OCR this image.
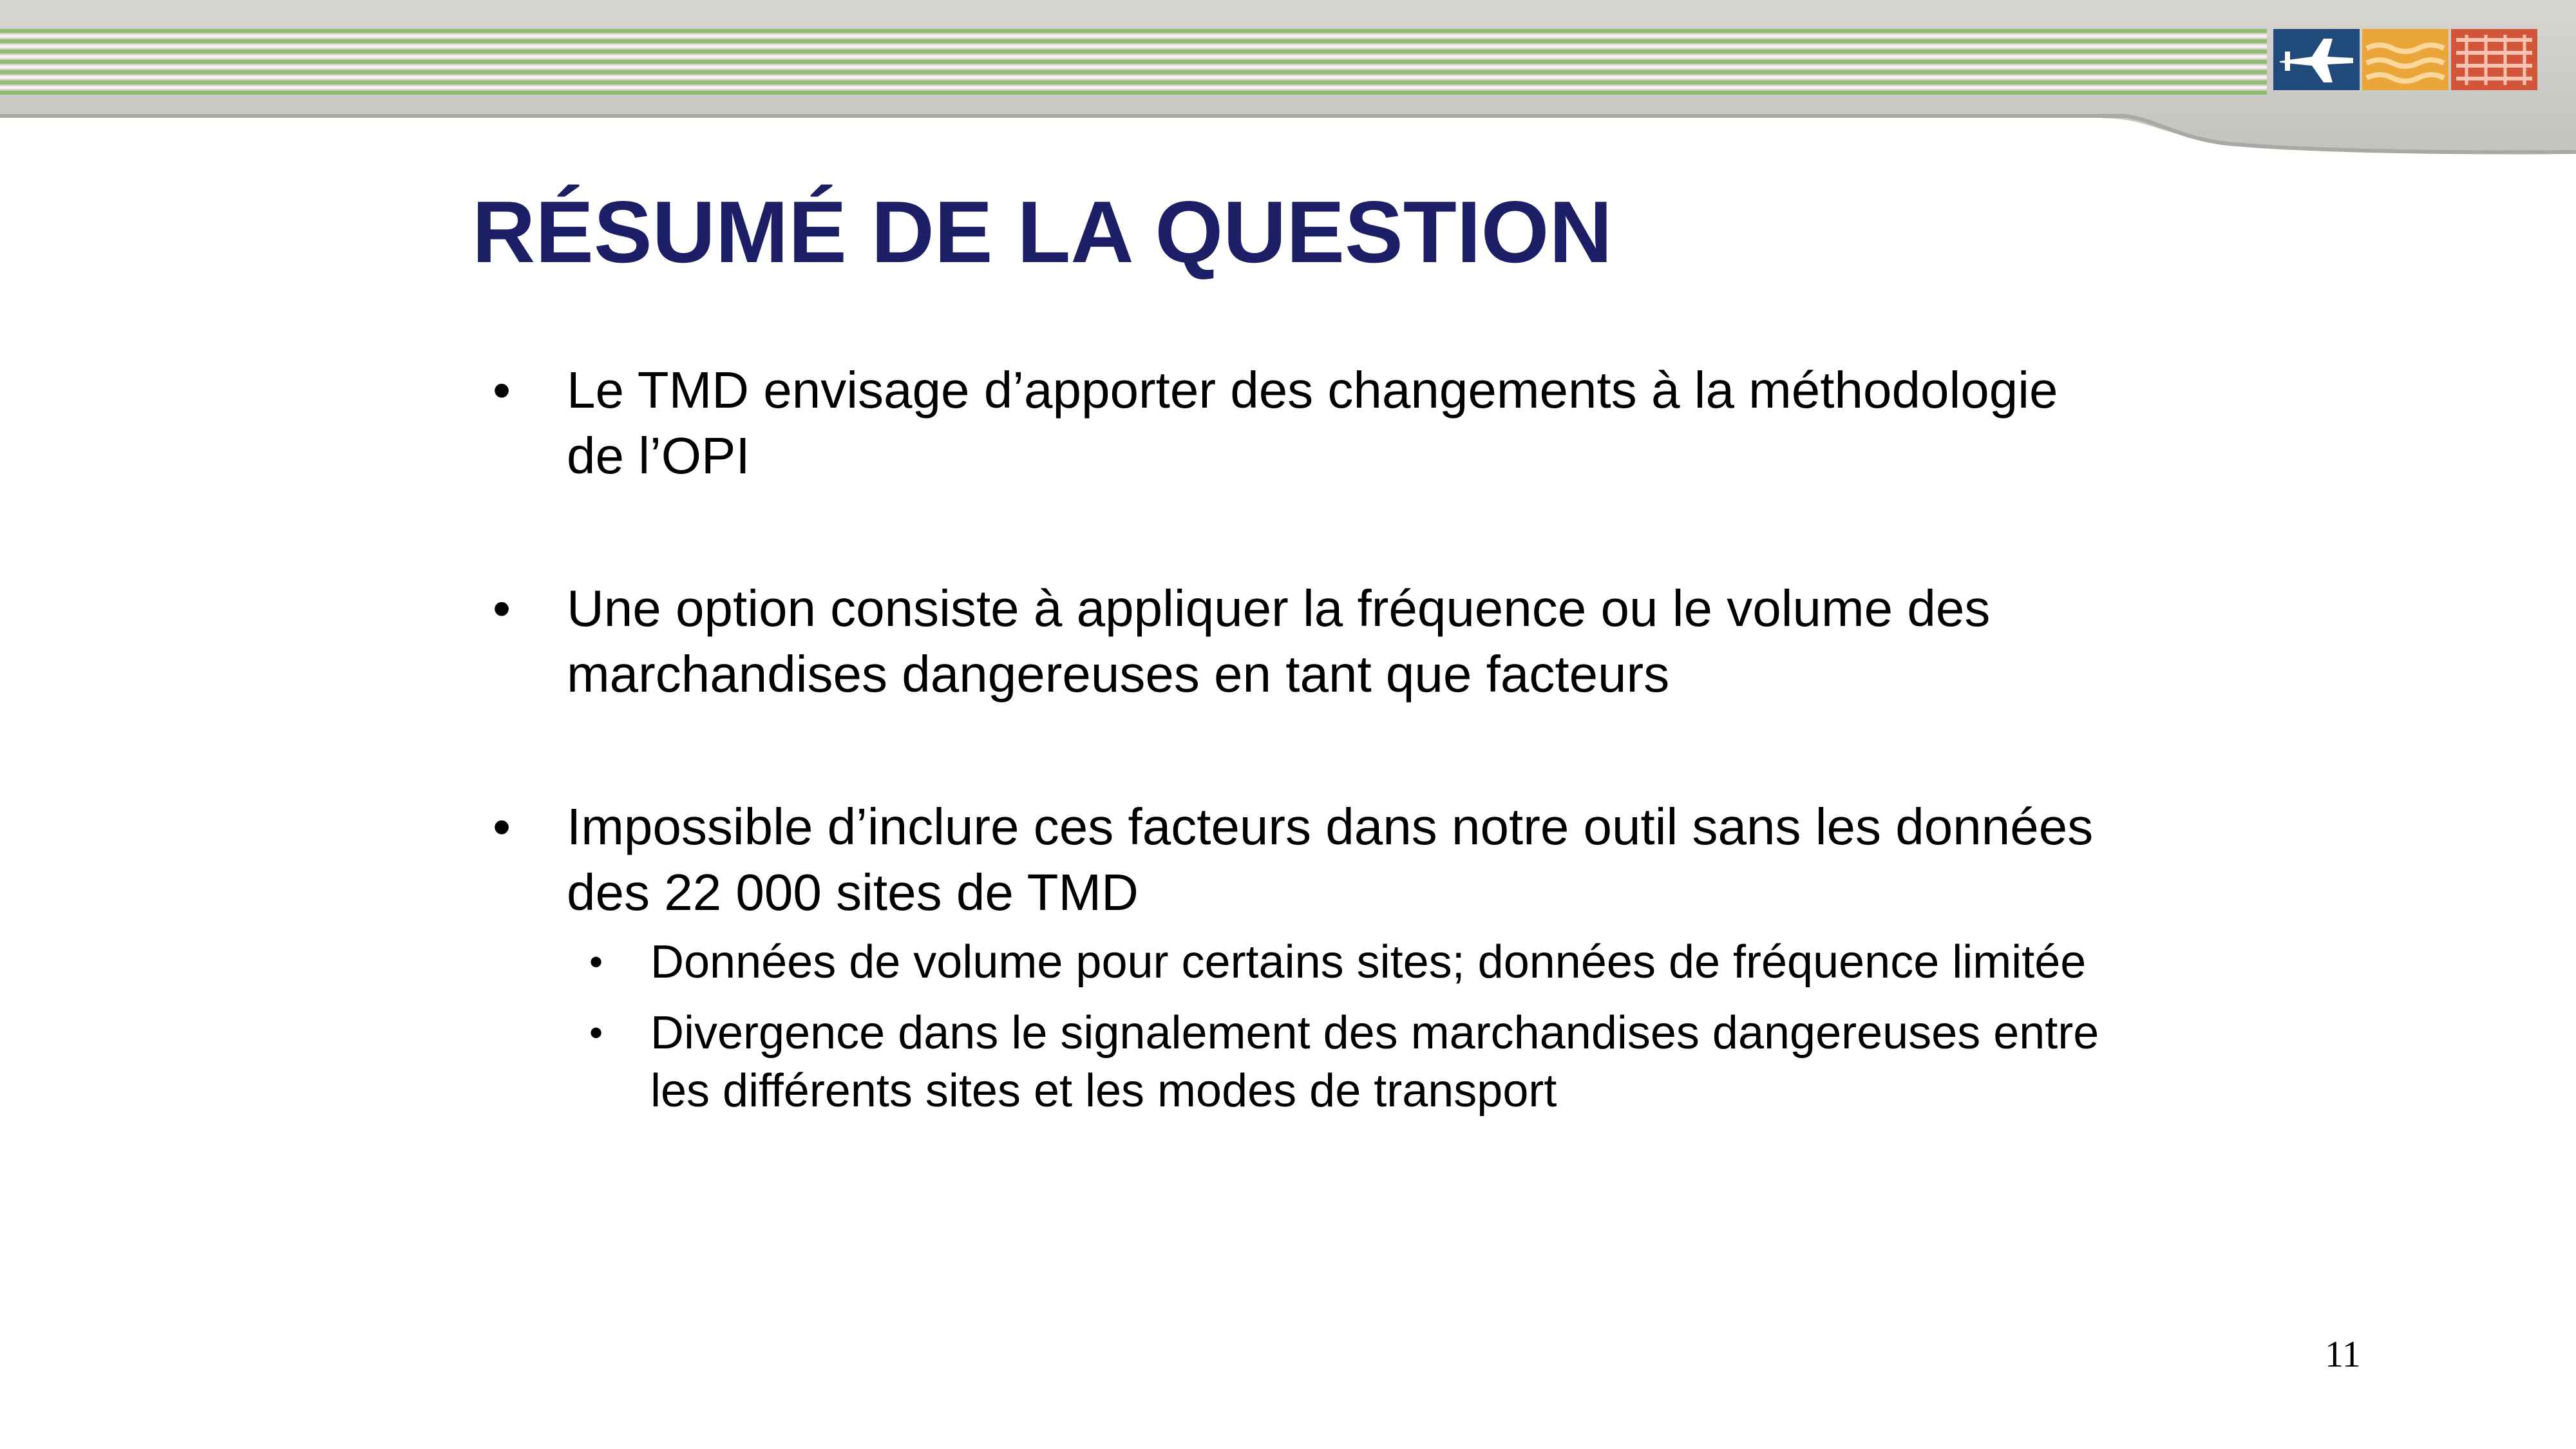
RÉSUMÉ DE LA QUESTION
• Le TMD envisage d’apporter des changements à la méthodologie de l’OPI
• Une option consiste à appliquer la fréquence ou le volume des marchandises dangereuses en tant que facteurs
• Impossible d’inclure ces facteurs dans notre outil sans les données des 22 000 sites de TMD
• Données de volume pour certains sites; données de fréquence limitée
• Divergence dans le signalement des marchandises dangereuses entre les différents sites et les modes de transport
11
